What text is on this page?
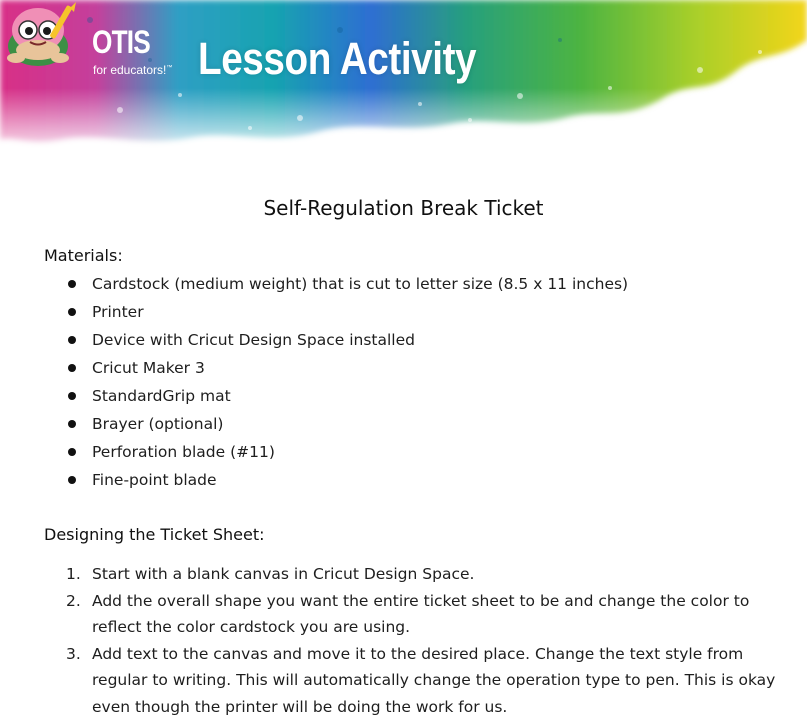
OTIS
for educators!™ Lesson Activity
Self-Regulation Break Ticket
Materials:
Cardstock (medium weight) that is cut to letter size (8.5 x 11 inches)
Printer
Device with Cricut Design Space installed
Cricut Maker 3
StandardGrip mat
Brayer (optional)
Perforation blade (#11)
Fine-point blade
Designing the Ticket Sheet:
1. Start with a blank canvas in Cricut Design Space.
2. Add the overall shape you want the entire ticket sheet to be and change the color to reflect the color cardstock you are using.
3. Add text to the canvas and move it to the desired place. Change the text style from regular to writing. This will automatically change the operation type to pen. This is okay even though the printer will be doing the work for us.
